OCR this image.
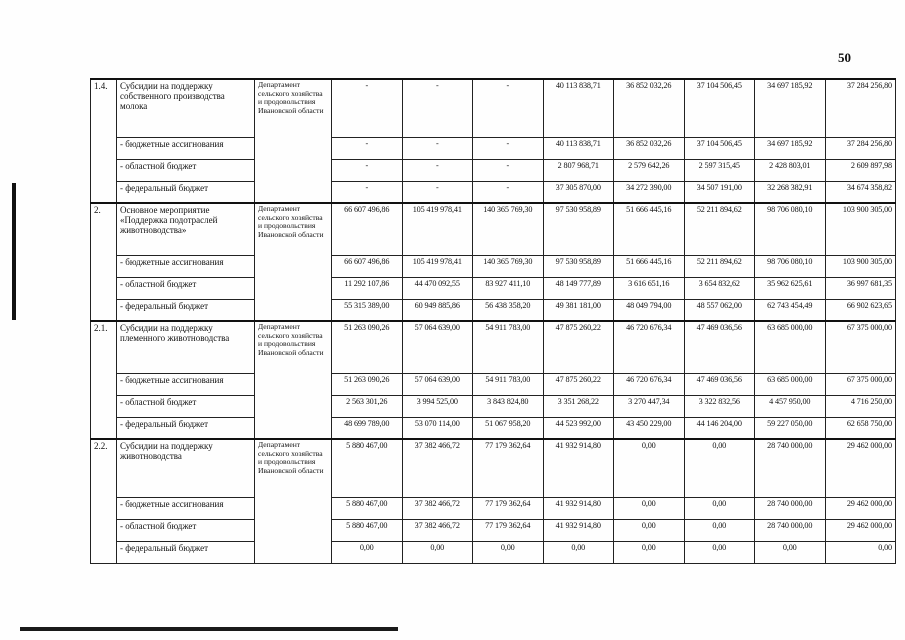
50
1.4.	Субсидии на поддержку собственного производства молока	Департамент сельского хозяйства и продовольствия Ивановской области	-	-	-	40 113 838,71	36 852 032,26	37 104 506,45	34 697 185,92	37 284 256,80
	- бюджетные ассигнования		-	-	-	40 113 838,71	36 852 032,26	37 104 506,45	34 697 185,92	37 284 256,80
	- областной бюджет		-	-	-	2 807 968,71	2 579 642,26	2 597 315,45	2 428 803,01	2 609 897,98
	- федеральный бюджет		-	-	-	37 305 870,00	34 272 390,00	34 507 191,00	32 268 382,91	34 674 358,82
2.	Основное мероприятие «Поддержка подотраслей животноводства»	Департамент сельского хозяйства и продовольствия Ивановской области	66 607 496,86	105 419 978,41	140 365 769,30	97 530 958,89	51 666 445,16	52 211 894,62	98 706 080,10	103 900 305,00
	- бюджетные ассигнования		66 607 496,86	105 419 978,41	140 365 769,30	97 530 958,89	51 666 445,16	52 211 894,62	98 706 080,10	103 900 305,00
	- областной бюджет		11 292 107,86	44 470 092,55	83 927 411,10	48 149 777,89	3 616 651,16	3 654 832,62	35 962 625,61	36 997 681,35
	- федеральный бюджет		55 315 389,00	60 949 885,86	56 438 358,20	49 381 181,00	48 049 794,00	48 557 062,00	62 743 454,49	66 902 623,65
2.1.	Субсидии на поддержку племенного животноводства	Департамент сельского хозяйства и продовольствия Ивановской области	51 263 090,26	57 064 639,00	54 911 783,00	47 875 260,22	46 720 676,34	47 469 036,56	63 685 000,00	67 375 000,00
	- бюджетные ассигнования		51 263 090,26	57 064 639,00	54 911 783,00	47 875 260,22	46 720 676,34	47 469 036,56	63 685 000,00	67 375 000,00
	- областной бюджет		2 563 301,26	3 994 525,00	3 843 824,80	3 351 268,22	3 270 447,34	3 322 832,56	4 457 950,00	4 716 250,00
	- федеральный бюджет		48 699 789,00	53 070 114,00	51 067 958,20	44 523 992,00	43 450 229,00	44 146 204,00	59 227 050,00	62 658 750,00
2.2.	Субсидии на поддержку животноводства	Департамент сельского хозяйства и продовольствия Ивановской области	5 880 467,00	37 382 466,72	77 179 362,64	41 932 914,80	0,00	0,00	28 740 000,00	29 462 000,00
	- бюджетные ассигнования		5 880 467,00	37 382 466,72	77 179 362,64	41 932 914,80	0,00	0,00	28 740 000,00	29 462 000,00
	- областной бюджет		5 880 467,00	37 382 466,72	77 179 362,64	41 932 914,80	0,00	0,00	28 740 000,00	29 462 000,00
	- федеральный бюджет		0,00	0,00	0,00	0,00	0,00	0,00	0,00	0,00
